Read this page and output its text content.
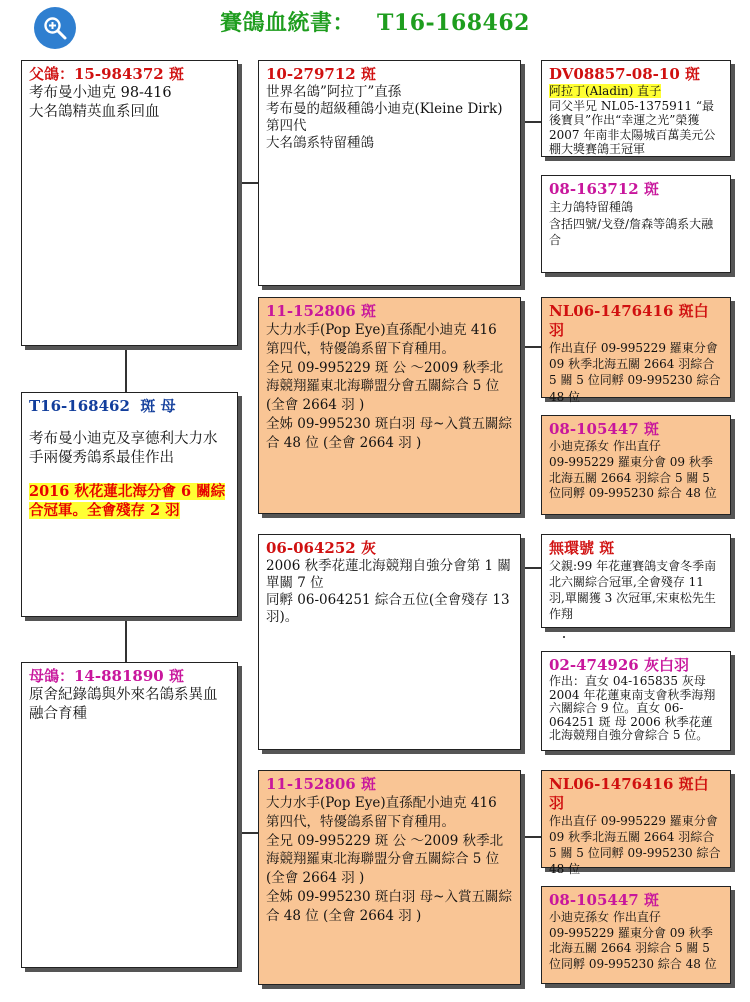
賽鴿血統書： T16-168462
父鴿：15-984372 斑

考布曼小迪克 98-416

大名鴿精英血系回血

T16-168462 斑 母

考布曼小迪克及享德利大力水手兩優秀鴿系最佳作出

2016 秋花蓮北海分會 6 關綜合冠軍。全會殘存 2 羽

母鴿：14-881890 斑

原舍紀錄鴿與外來名鴿系異血融合育種

10-279712 斑

世界名鴿”阿拉丁”直孫

考布曼的超級種鴿小迪克(Kleine Dirk)第四代

大名鴿系特留種鴿

11-152806 斑

大力水手(Pop Eye)直孫配小迪克 416 第四代，特優鴿系留下育種用。

全兄 09-995229 斑 公 ～2009 秋季北海競翔羅東北海聯盟分會五關綜合 5 位 (全會 2664 羽 )

全姊 09-995230 斑白羽 母~入賞五關綜合 48 位 (全會 2664 羽 )

06-064252 灰

2006 秋季花蓮北海競翔自強分會第 1 關單關 7 位

同孵 06-064251 綜合五位(全會殘存 13 羽)。

11-152806 斑

大力水手(Pop Eye)直孫配小迪克 416 第四代，特優鴿系留下育種用。

全兄 09-995229 斑 公 ～2009 秋季北海競翔羅東北海聯盟分會五關綜合 5 位 (全會 2664 羽 )

全姊 09-995230 斑白羽 母~入賞五關綜合 48 位 (全會 2664 羽 )

DV08857-08-10 斑

阿拉丁(Aladin) 直子

同父半兄 NL05-1375911 “最後寶貝”作出“幸運之光”榮獲 2007 年南非太陽城百萬美元公棚大獎賽鴿王冠軍

08-163712 斑

主力鴿特留種鴿

含括四號/戈登/詹森等鴿系大融合

NL06-1476416 斑白羽

作出直仔 09-995229 羅東分會 09 秋季北海五關 2664 羽綜合 5 關 5 位同孵 09-995230 綜合 48 位

08-105447 斑

小迪克孫女 作出直仔

09-995229 羅東分會 09 秋季北海五關 2664 羽綜合 5 關 5 位同孵 09-995230 綜合 48 位

無環號 斑

父親:99 年花蓮賽鴿支會冬季南北六關綜合冠軍,全會殘存 11 羽,單關獲 3 次冠軍,宋東松先生作翔

02-474926 灰白羽

作出：直女 04-165835 灰母 2004 年花蓮東南支會秋季海翔六關綜合 9 位。直女 06-064251 斑 母 2006 秋季花蓮北海競翔自強分會綜合 5 位。

NL06-1476416 斑白羽

作出直仔 09-995229 羅東分會 09 秋季北海五關 2664 羽綜合 5 關 5 位同孵 09-995230 綜合 48 位

08-105447 斑

小迪克孫女 作出直仔

09-995229 羅東分會 09 秋季北海五關 2664 羽綜合 5 關 5 位同孵 09-995230 綜合 48 位
